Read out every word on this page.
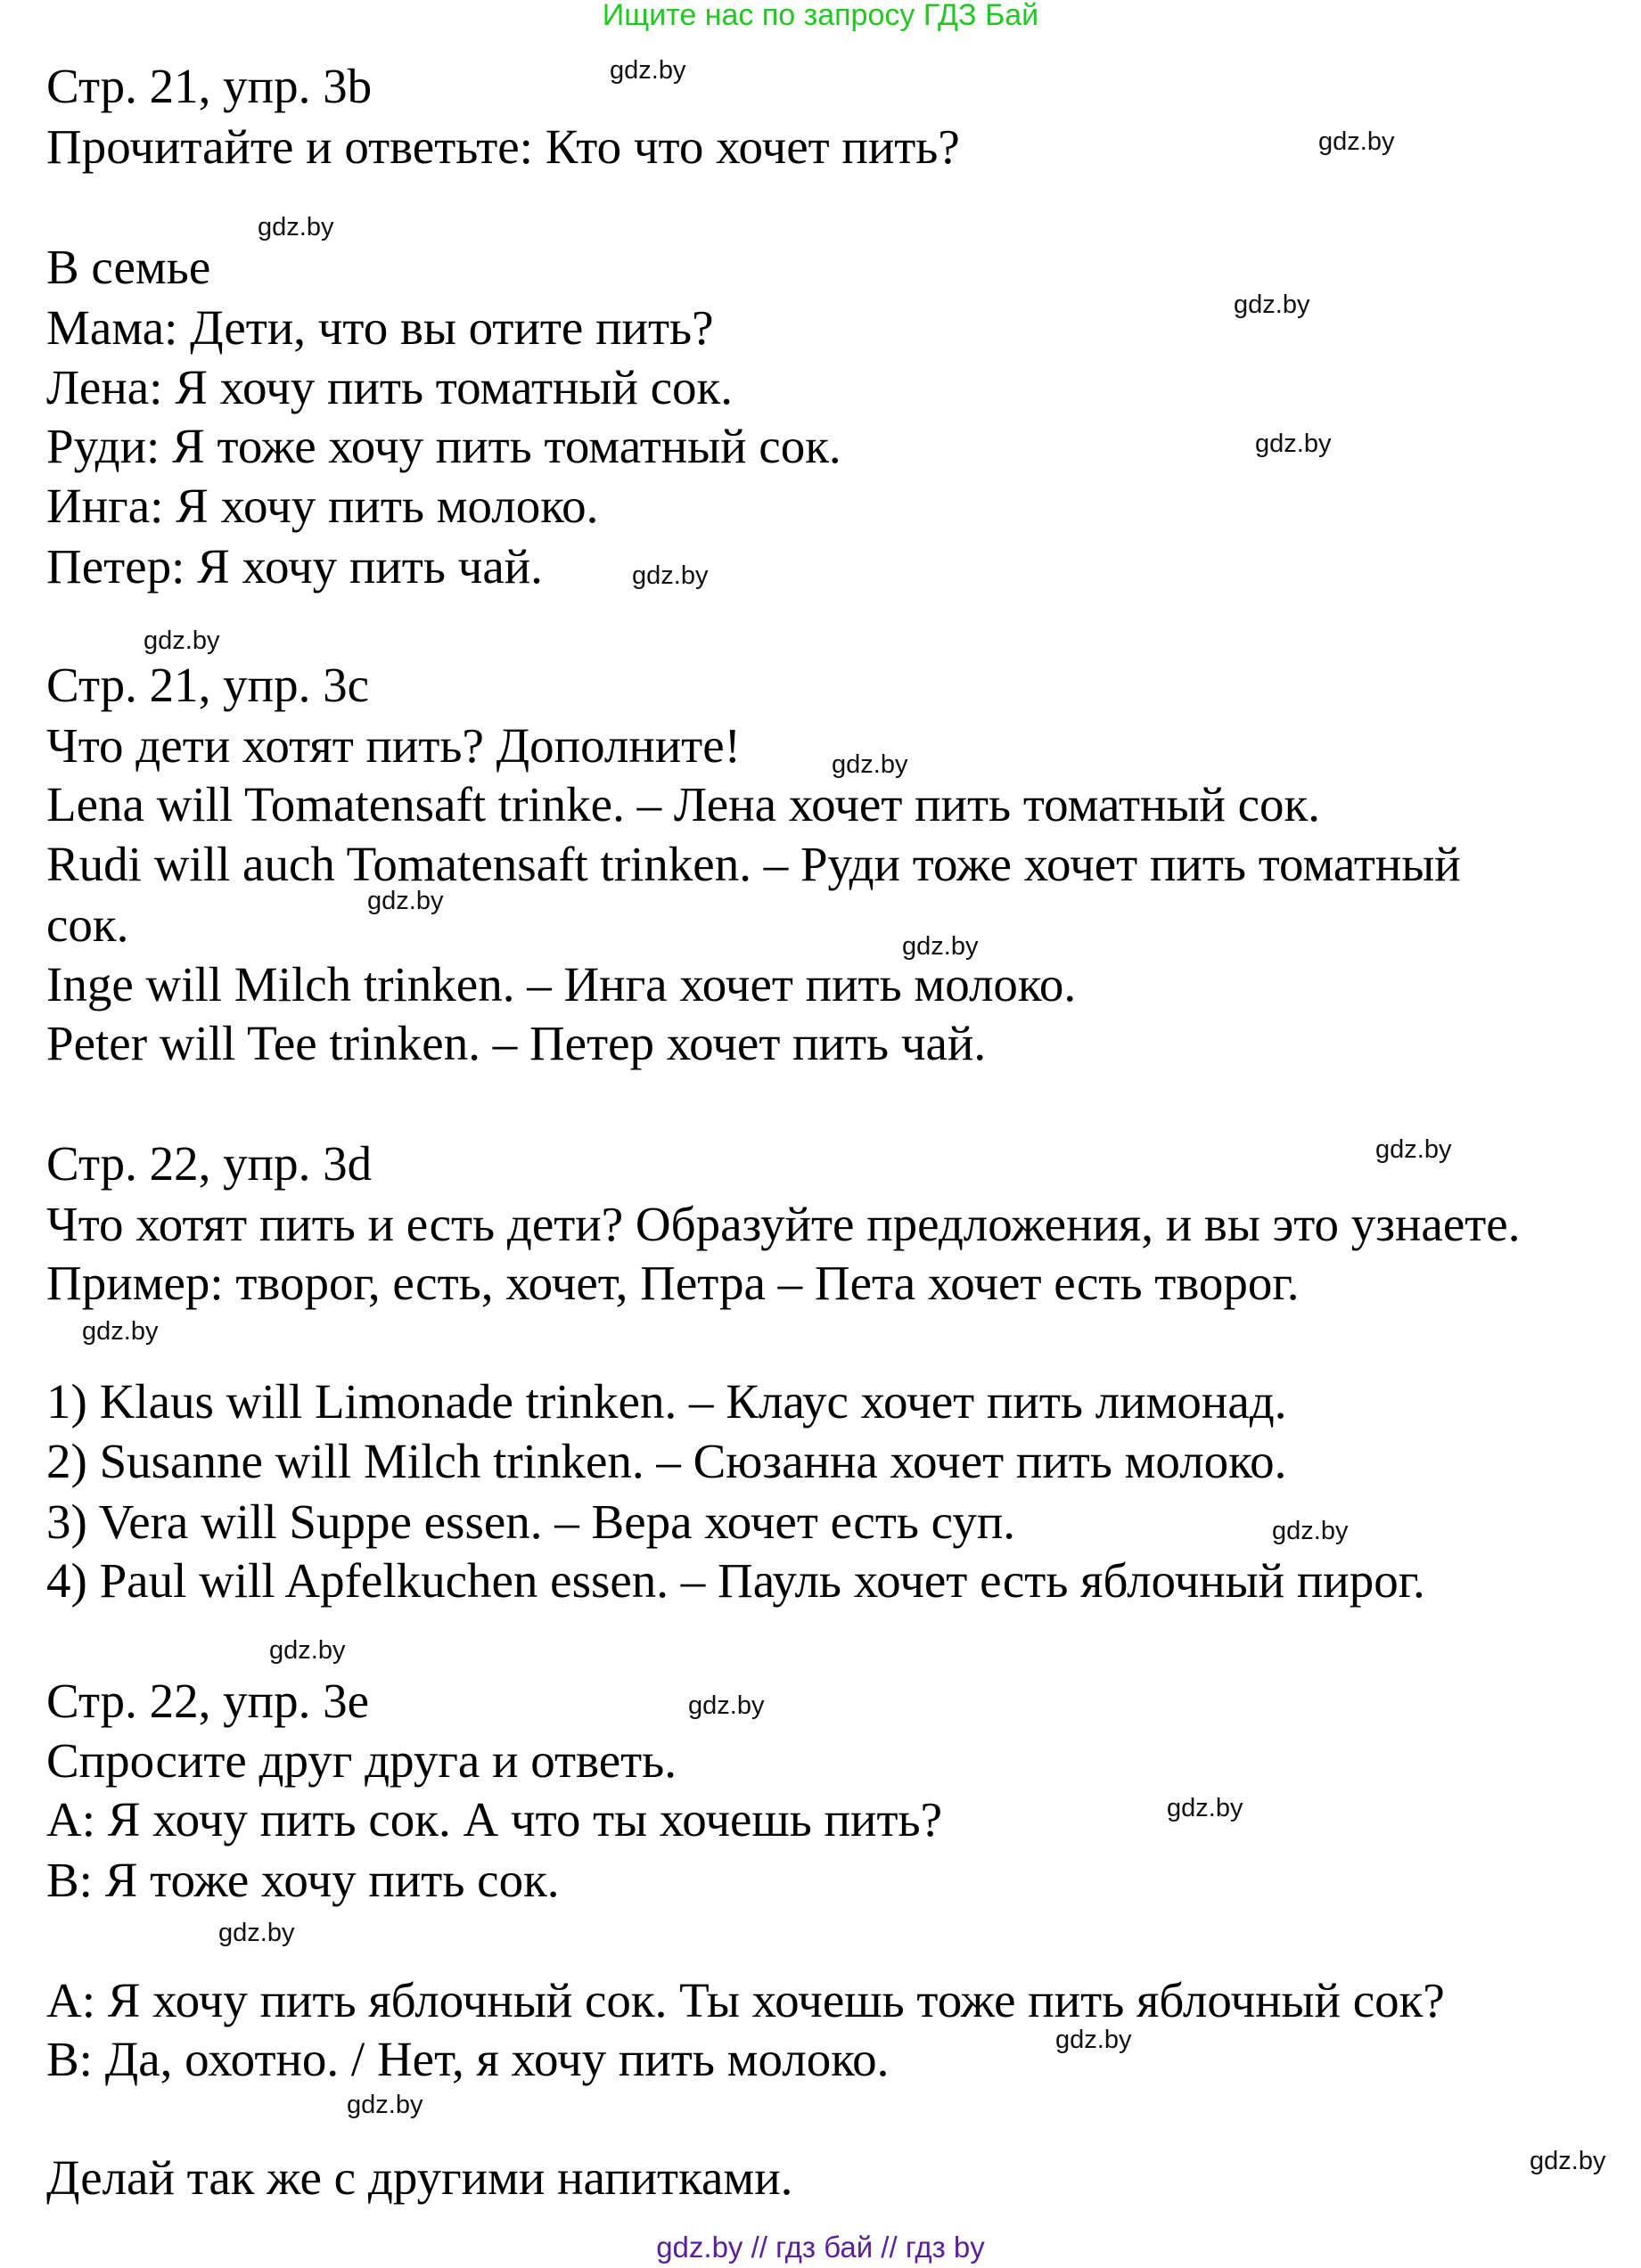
Ищите нас по запросу ГДЗ Бай
Стр. 21, упр. 3b
Прочитайте и ответьте: Кто что хочет пить?
В семье
Мама: Дети, что вы отите пить?
Лена: Я хочу пить томатный сок.
Руди: Я тоже хочу пить томатный сок.
Инга: Я хочу пить молоко.
Петер: Я хочу пить чай.
Стр. 21, упр. 3c
Что дети хотят пить? Дополните!
Lena will Tomatensaft trinke. – Лена хочет пить томатный сок.
Rudi will auch Tomatensaft trinken. – Руди тоже хочет пить томатный
сок.
Inge will Milch trinken. – Инга хочет пить молоко.
Peter will Tee trinken. – Петер хочет пить чай.
Стр. 22, упр. 3d
Что хотят пить и есть дети? Образуйте предложения, и вы это узнаете.
Пример: творог, есть, хочет, Петра – Пета хочет есть творог.
1) Klaus will Limonade trinken. – Клаус хочет пить лимонад.
2) Susanne will Milch trinken. – Сюзанна хочет пить молоко.
3) Vera will Suppe essen. – Вера хочет есть суп.
4) Paul will Apfelkuchen essen. – Пауль хочет есть яблочный пирог.
Стр. 22, упр. 3e
Спросите друг друга и ответь.
A: Я хочу пить сок. А что ты хочешь пить?
B: Я тоже хочу пить сок.
A: Я хочу пить яблочный сок. Ты хочешь тоже пить яблочный сок?
B: Да, охотно. / Нет, я хочу пить молоко.
Делай так же с другими напитками.
gdz.by
gdz.by
gdz.by
gdz.by
gdz.by
gdz.by
gdz.by
gdz.by
gdz.by
gdz.by
gdz.by
gdz.by
gdz.by
gdz.by
gdz.by
gdz.by
gdz.by
gdz.by
gdz.by
gdz.by
gdz.by // гдз бай // гдз by
